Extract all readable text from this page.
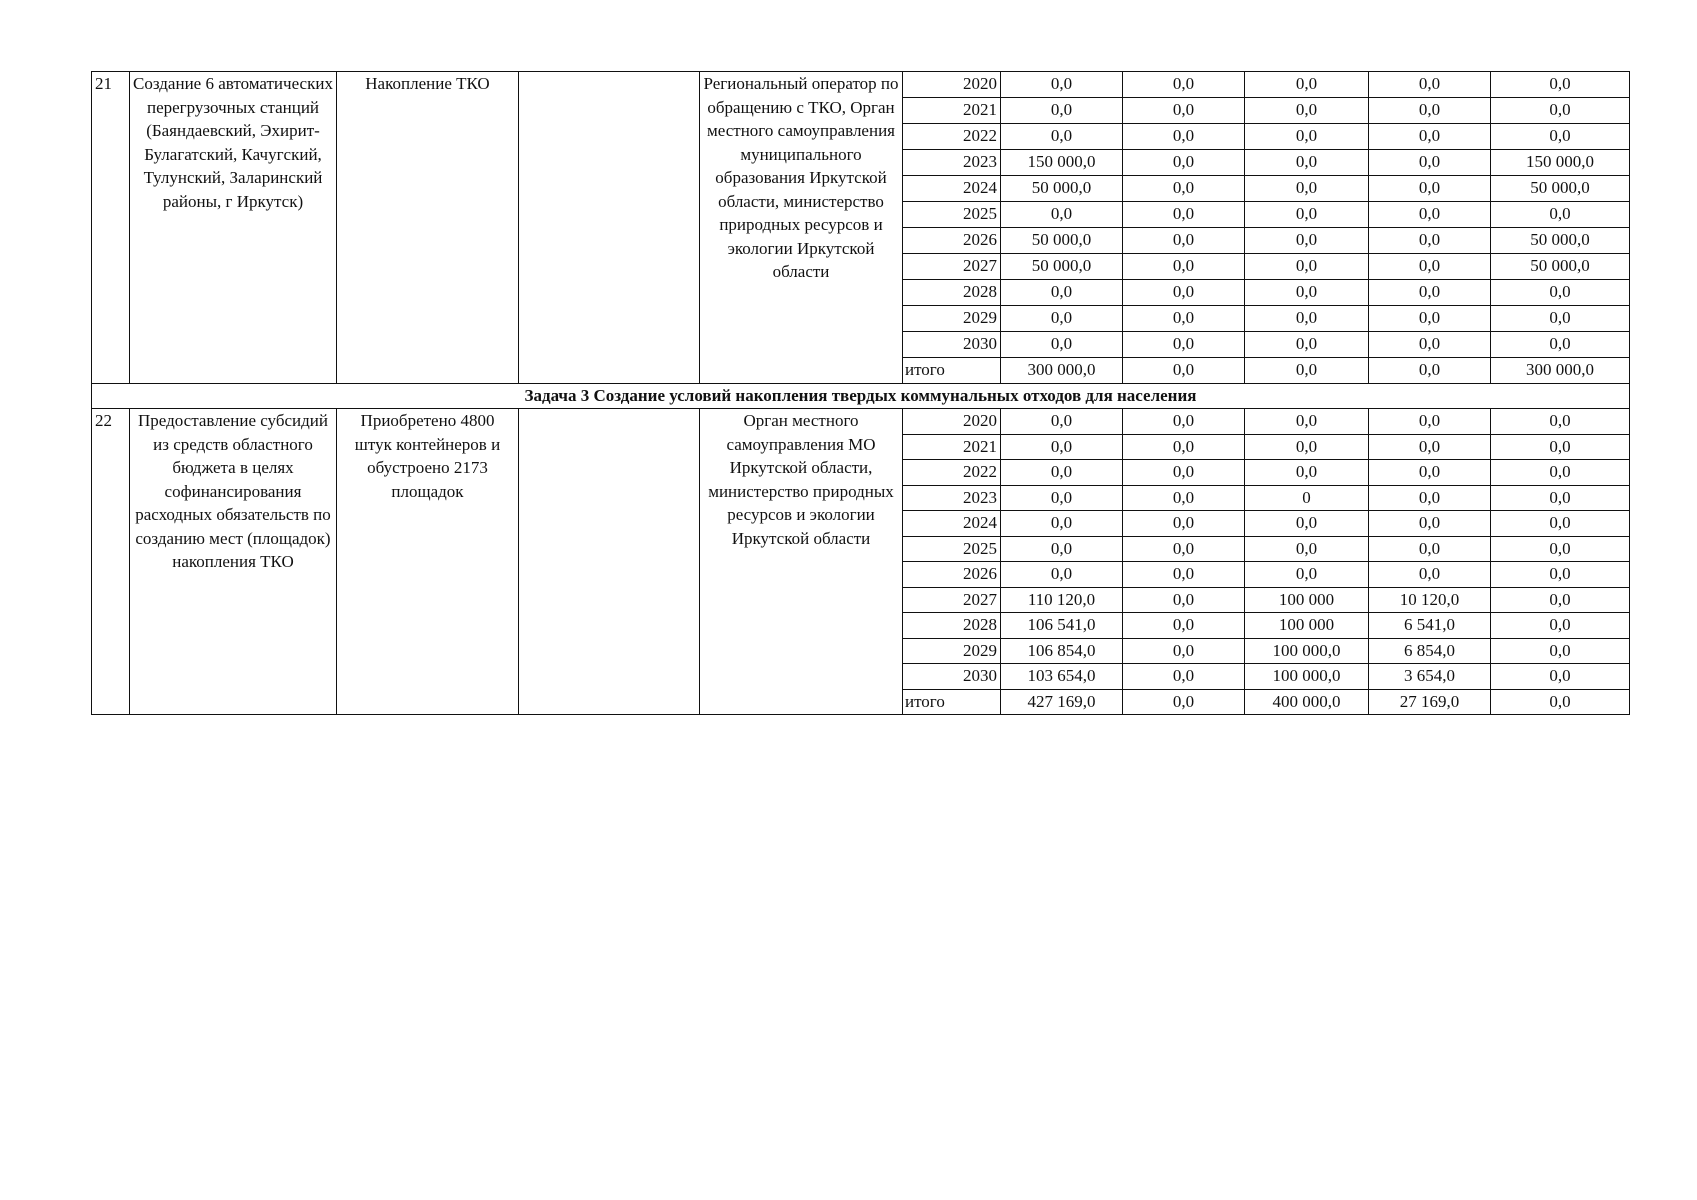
21	Создание 6 автоматических перегрузочных станций (Баяндаевский, Эхирит-Булагатский, Качугский, Тулунский, Заларинский районы, г Иркутск)	Накопление ТКО		Региональный оператор по обращению с ТКО, Орган местного самоуправления муниципального образования Иркутской области, министерство природных ресурсов и экологии Иркутской области	2020	0,0	0,0	0,0	0,0	0,0
					2021	0,0	0,0	0,0	0,0	0,0
					2022	0,0	0,0	0,0	0,0	0,0
					2023	150 000,0	0,0	0,0	0,0	150 000,0
					2024	50 000,0	0,0	0,0	0,0	50 000,0
					2025	0,0	0,0	0,0	0,0	0,0
					2026	50 000,0	0,0	0,0	0,0	50 000,0
					2027	50 000,0	0,0	0,0	0,0	50 000,0
					2028	0,0	0,0	0,0	0,0	0,0
					2029	0,0	0,0	0,0	0,0	0,0
					2030	0,0	0,0	0,0	0,0	0,0
					итого	300 000,0	0,0	0,0	0,0	300 000,0
Задача 3 Создание условий накопления твердых коммунальных отходов для населения										
22	Предоставление субсидий из средств областного бюджета в целях софинансирования расходных обязательств по созданию мест (площадок) накопления ТКО	Приобретено 4800 штук контейнеров и обустроено 2173 площадок		Орган местного самоуправления МО Иркутской области, министерство природных ресурсов и экологии Иркутской области	2020	0,0	0,0	0,0	0,0	0,0
					2021	0,0	0,0	0,0	0,0	0,0
					2022	0,0	0,0	0,0	0,0	0,0
					2023	0,0	0,0	0	0,0	0,0
					2024	0,0	0,0	0,0	0,0	0,0
					2025	0,0	0,0	0,0	0,0	0,0
					2026	0,0	0,0	0,0	0,0	0,0
					2027	110 120,0	0,0	100 000	10 120,0	0,0
					2028	106 541,0	0,0	100 000	6 541,0	0,0
					2029	106 854,0	0,0	100 000,0	6 854,0	0,0
					2030	103 654,0	0,0	100 000,0	3 654,0	0,0
					итого	427 169,0	0,0	400 000,0	27 169,0	0,0
